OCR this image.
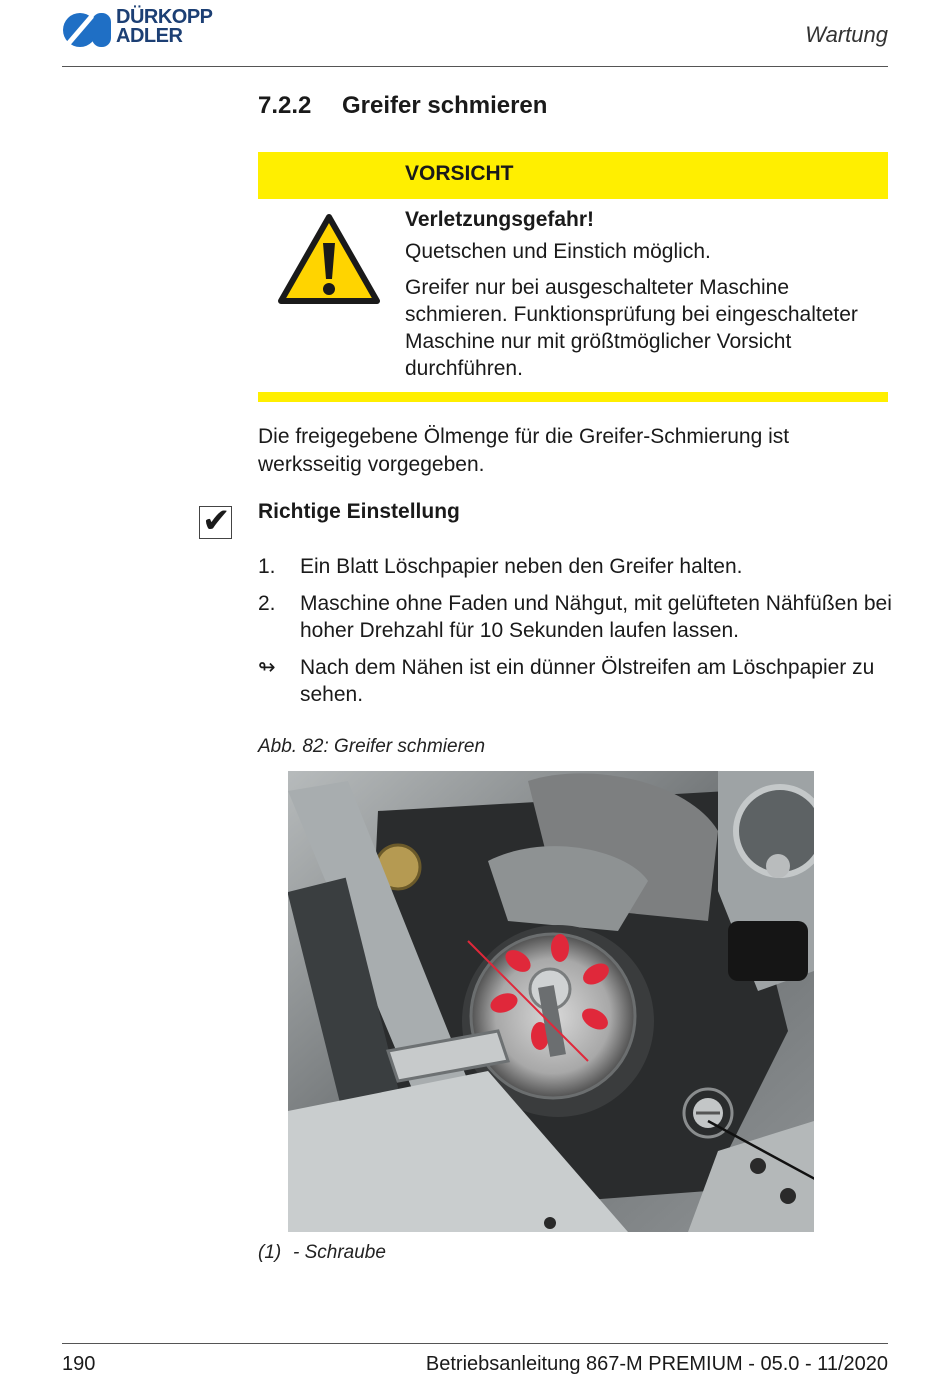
DÜRKOPP
ADLER	Wartung
7.2.2 Greifer schmieren
VORSICHT

Verletzungsgefahr!

Quetschen und Einstich möglich.

Greifer nur bei ausgeschalteter Maschine schmieren. Funktionsprüfung bei eingeschalteter Maschine nur mit größtmöglicher Vorsicht durchführen.

Die freigegebene Ölmenge für die Greifer-Schmierung ist werksseitig vorgegeben.
✔ Richtige Einstellung
1. Ein Blatt Löschpapier neben den Greifer halten.
2. Maschine ohne Faden und Nähgut, mit gelüfteten Nähfüßen bei hoher Drehzahl für 10 Sekunden laufen lassen.
↬ Nach dem Nähen ist ein dünner Ölstreifen am Löschpapier zu sehen.
Abb. 82: Greifer schmieren
1
(1) - Schraube
190	Betriebsanleitung 867-M PREMIUM - 05.0 - 11/2020
